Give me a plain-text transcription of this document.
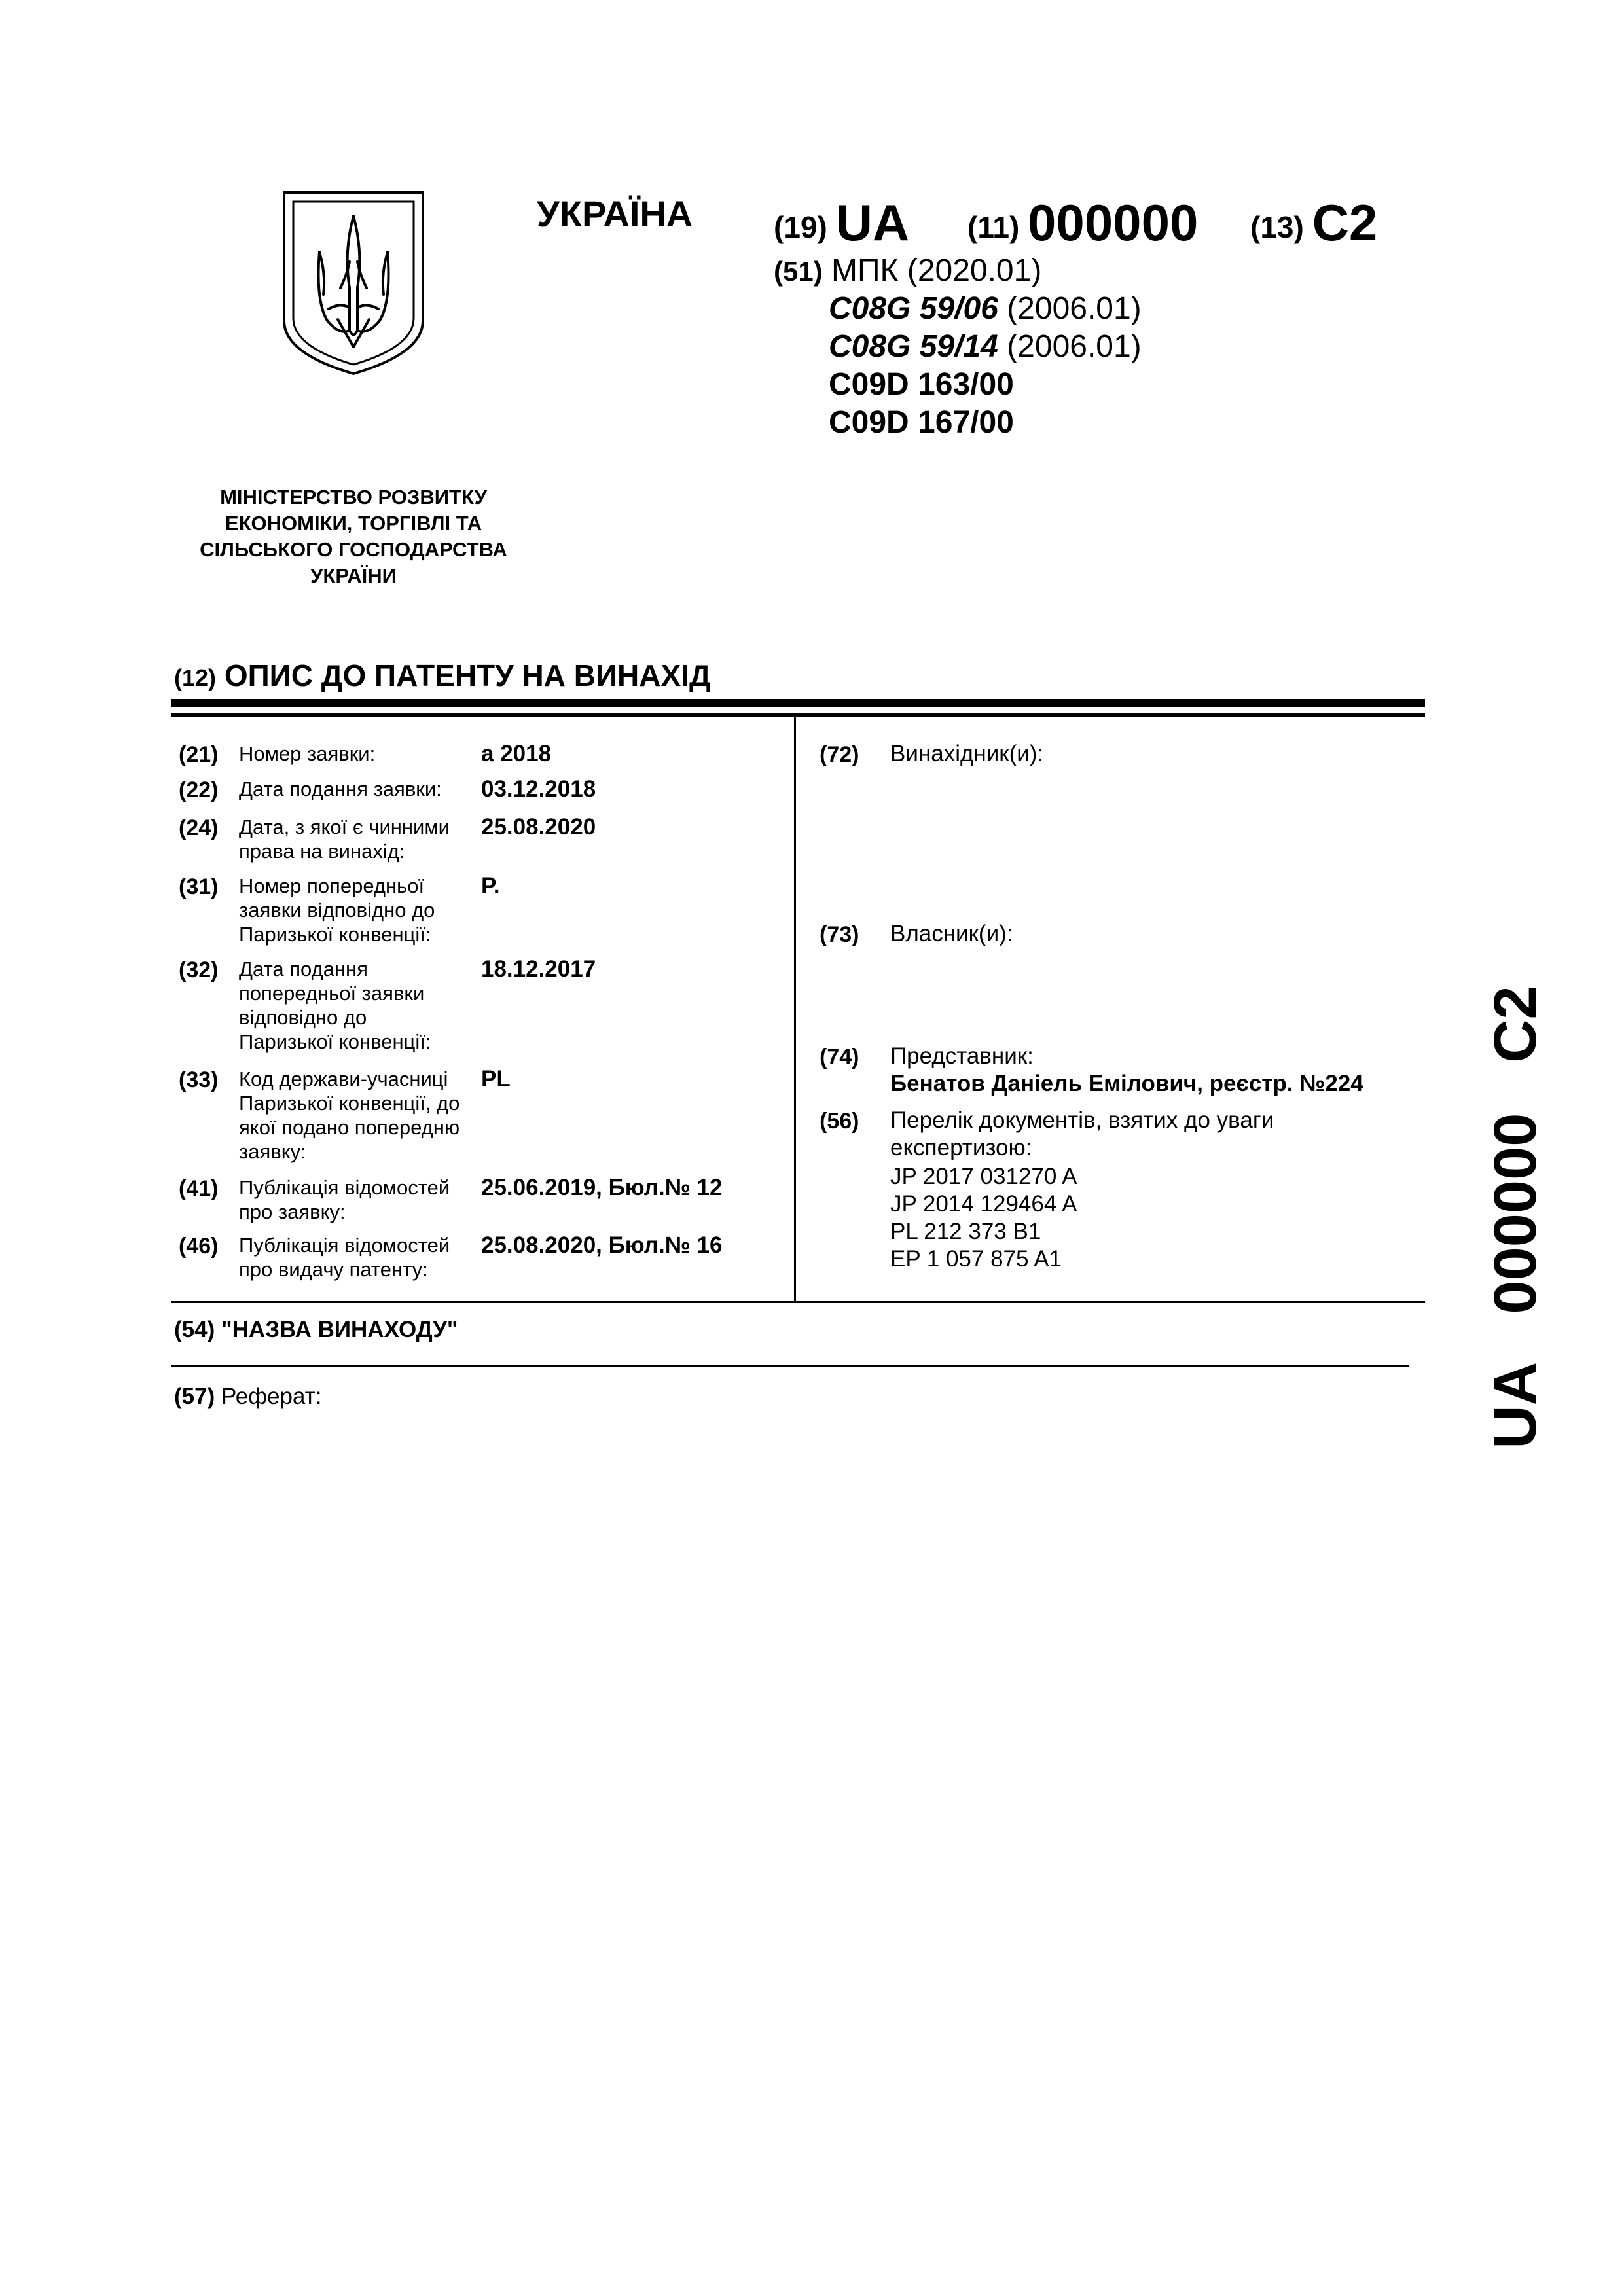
УКРАЇНА	(19) UA (11) 000000 (13) C2
(51) МПК (2020.01)
C08G 59/06 (2006.01)
C08G 59/14 (2006.01)
C09D 163/00
C09D 167/00
МІНІСТЕРСТВО РОЗВИТКУ
ЕКОНОМІКИ, ТОРГІВЛІ ТА
СІЛЬСЬКОГО ГОСПОДАРСТВА
УКРАЇНИ
(12) ОПИС ДО ПАТЕНТУ НА ВИНАХІД
(21) Номер заявки:	a 2018
(22) Дата подання заявки:	03.12.2018
(24) Дата, з якої є чинними права на винахід:
25.08.2020
(31) Номер попередньої заявки відповідно до Паризької конвенції:
P.
(32) Дата подання попередньої заявки відповідно до Паризької конвенції:
18.12.2017
(33) Код держави-учасниці Паризької конвенції, до якої подано попередню заявку:
PL
(41) Публікація відомостей про заявку:
25.06.2019, Бюл.№ 12
(46) Публікація відомостей про видачу патенту:
25.08.2020, Бюл.№ 16
(72) Винахідник(и):
(73) Власник(и):
(74) Представник:
Бенатов Даніель Емілович, реєстр. №224
(56) Перелік документів, взятих до уваги експертизою:
JP 2017 031270 A
JP 2014 129464 A
PL 212 373 B1
EP 1 057 875 A1
(54) "НАЗВА ВИНАХОДУ"
(57) Реферат:	UA   000000   C2
